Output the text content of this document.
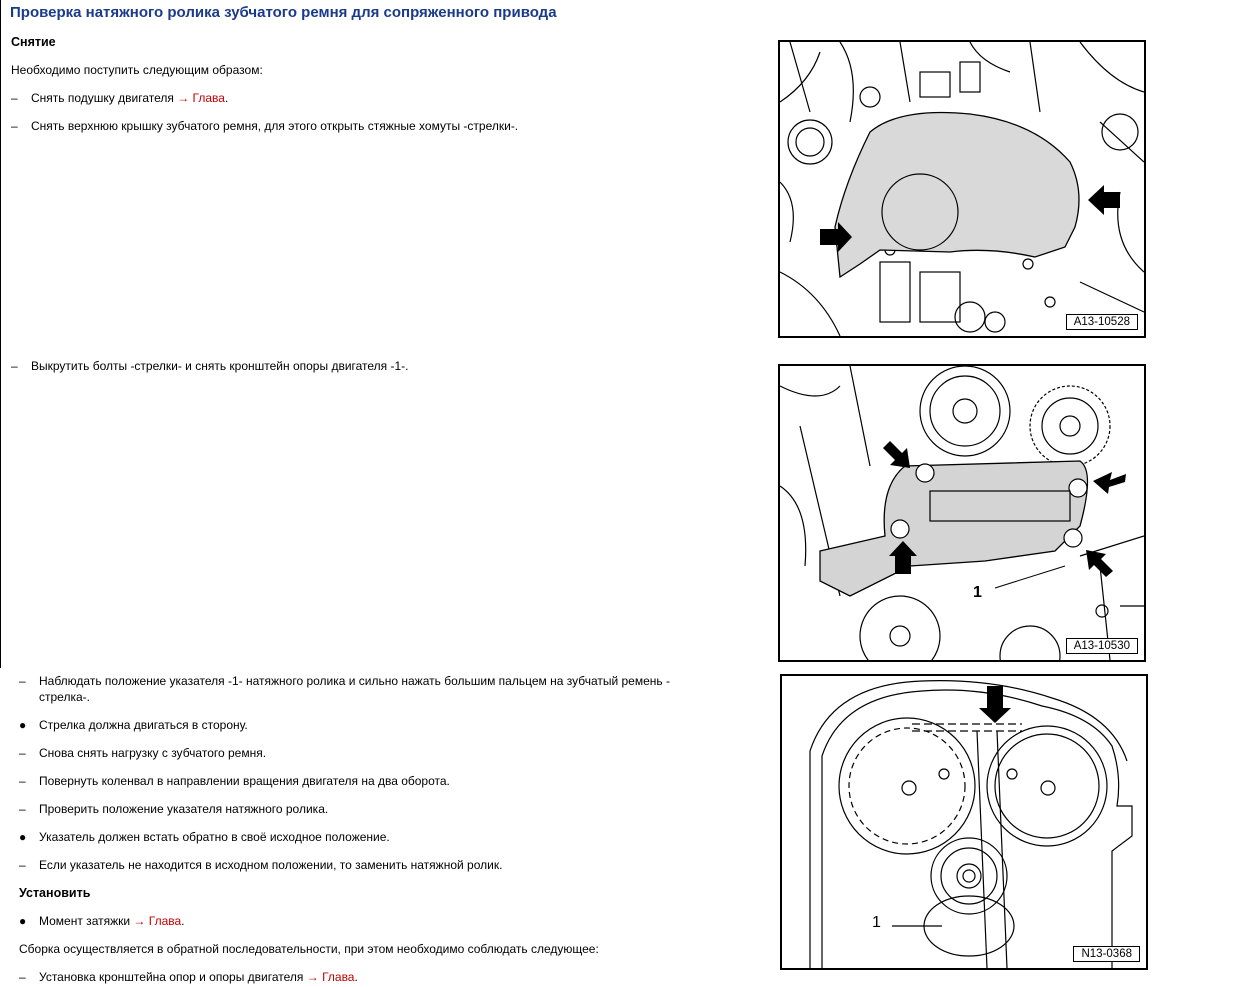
Проверка натяжного ролика зубчатого ремня для сопряженного привода
Снятие
Необходимо поступить следующим образом:
– Снять подушку двигателя → Глава.
– Снять верхнюю крышку зубчатого ремня, для этого открыть стяжные хомуты -стрелки-.
– Выкрутить болты -стрелки- и снять кронштейн опоры двигателя -1-.
– Наблюдать положение указателя -1- натяжного ролика и сильно нажать большим пальцем на зубчатый ремень -
стрелка-.
● Стрелка должна двигаться в сторону.
– Снова снять нагрузку с зубчатого ремня.
– Повернуть коленвал в направлении вращения двигателя на два оборота.
– Проверить положение указателя натяжного ролика.
● Указатель должен встать обратно в своё исходное положение.
– Если указатель не находится в исходном положении, то заменить натяжной ролик.
Установить
● Момент затяжки → Глава.
Сборка осуществляется в обратной последовательности, при этом необходимо соблюдать следующее:
– Установка кронштейна опор и опоры двигателя → Глава.
A13-10528
1
A13-10530
1
N13-0368
